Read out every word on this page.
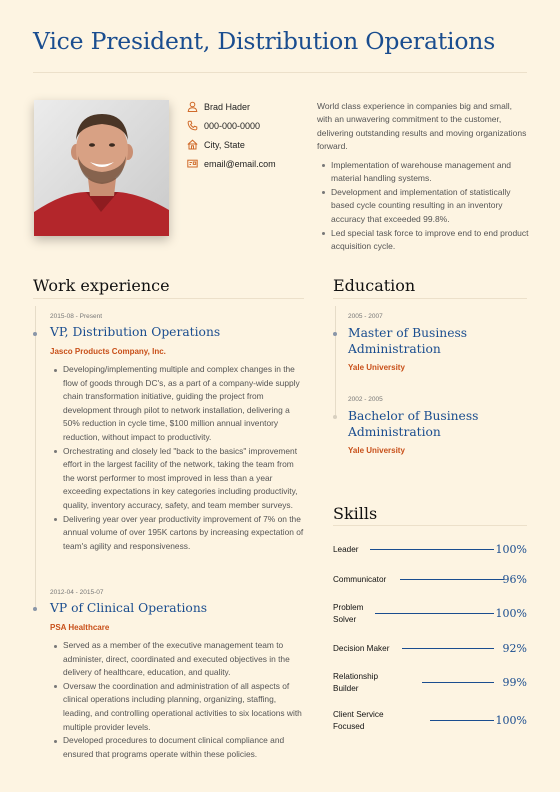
Vice President, Distribution Operations
Brad Hader
000-000-0000
City, State
email@email.com
World class experience in companies big and small, with an unwavering commitment to the customer, delivering outstanding results and moving organizations forward.
Implementation of warehouse management and material handling systems.
Development and implementation of statistically based cycle counting resulting in an inventory accuracy that exceeded 99.8%.
Led special task force to improve end to end product acquisition cycle.
Work experience
2015-08 - Present
VP, Distribution Operations
Jasco Products Company, Inc.
Developing/implementing multiple and complex changes in the flow of goods through DC's, as a part of a company-wide supply chain transformation initiative, guiding the project from development through pilot to network installation, delivering a 50% reduction in cycle time, $100 million annual inventory reduction, without impact to productivity.
Orchestrating and closely led "back to the basics" improvement effort in the largest facility of the network, taking the team from the worst performer to most improved in less than a year exceeding expectations in key categories including productivity, quality, inventory accuracy, safety, and team member surveys.
Delivering year over year productivity improvement of 7% on the annual volume of over 195K cartons by increasing expectation of team's agility and responsiveness.
2012-04 - 2015-07
VP of Clinical Operations
PSA Healthcare
Served as a member of the executive management team to administer, direct, coordinated and executed objectives in the delivery of healthcare, education, and quality.
Oversaw the coordination and administration of all aspects of clinical operations including planning, organizing, staffing, leading, and controlling operational activities to six locations with multiple provider levels.
Developed procedures to document clinical compliance and ensured that programs operate within these policies.
Education
2005 - 2007
Master of Business Administration
Yale University
2002 - 2005
Bachelor of Business Administration
Yale University
Skills
Leader	100%
Communicator	96%
Problem Solver	100%
Decision Maker	92%
Relationship Builder	99%
Client Service Focused	100%
